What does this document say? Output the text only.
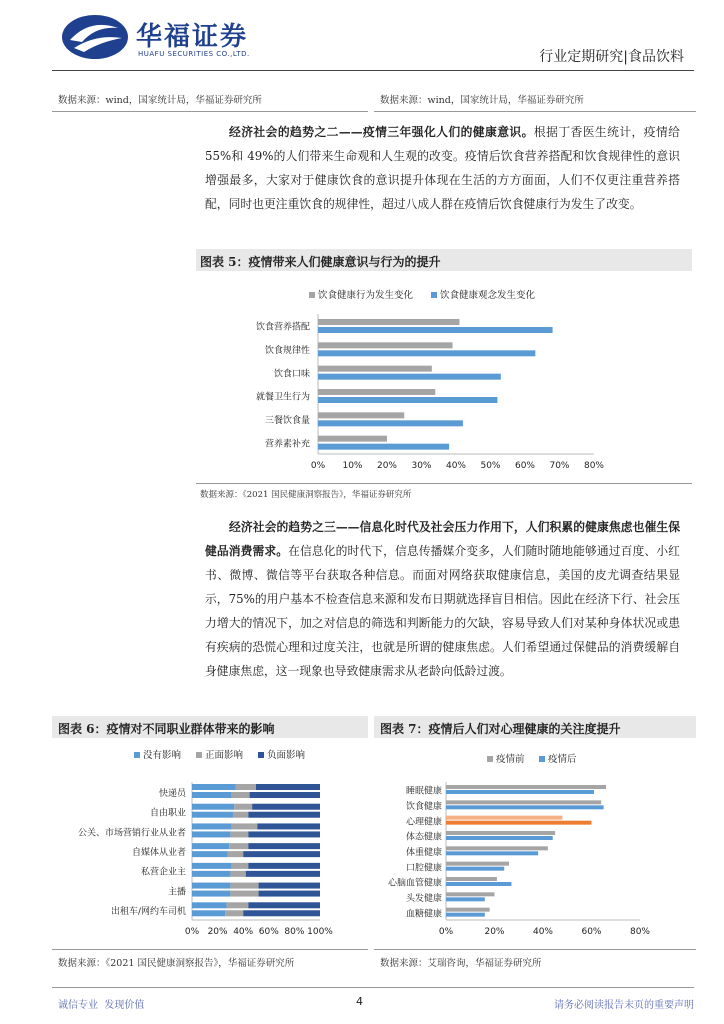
华福证券
HUAFU SECURITIES CO.,LTD.	行业定期研究|食品饮料
数据来源：wind，国家统计局，华福证券研究所	数据来源：wind，国家统计局，华福证券研究所
经济社会的趋势之二——疫情三年强化人们的健康意识。根据丁香医生统计，疫情给 55%和 49%的人们带来生命观和人生观的改变。疫情后饮食营养搭配和饮食规律性的意识增强最多，大家对于健康饮食的意识提升体现在生活的方方面面，人们不仅更注重营养搭配，同时也更注重饮食的规律性，超过八成人群在疫情后饮食健康行为发生了改变。
图表 5：疫情带来人们健康意识与行为的提升
饮食健康行为发生变化	饮食健康观念发生变化
饮食营养搭配
饮食规律性
饮食口味
就餐卫生行为
三餐饮食量
营养素补充
0% 10% 20% 30% 40% 50% 60% 70% 80%
数据来源：《2021 国民健康洞察报告》，华福证券研究所
经济社会的趋势之三——信息化时代及社会压力作用下，人们积累的健康焦虑也催生保健品消费需求。在信息化的时代下，信息传播媒介变多，人们随时随地能够通过百度、小红书、微博、微信等平台获取各种信息。而面对网络获取健康信息，美国的皮尤调查结果显示，75%的用户基本不检查信息来源和发布日期就选择盲目相信。因此在经济下行、社会压力增大的情况下，加之对信息的筛选和判断能力的欠缺，容易导致人们对某种身体状况或患有疾病的恐慌心理和过度关注，也就是所谓的健康焦虑。人们希望通过保健品的消费缓解自身健康焦虑，这一现象也导致健康需求从老龄向低龄过渡。
图表 6：疫情对不同职业群体带来的影响
没有影响	正面影响	负面影响
快递员
自由职业
公关、市场营销行业从业者
自媒体从业者
私营企业主
主播
出租车/网约车司机
0% 20% 40% 60% 80% 100%
图表 7：疫情后人们对心理健康的关注度提升
疫情前 疫情后
睡眠健康
饮食健康
心理健康
体态健康
体重健康
口腔健康
心脑血管健康
头发健康
血糖健康
0%	20%	40%	60%	80%
数据来源：《2021 国民健康洞察报告》，华福证券研究所	数据来源：艾瑞咨询，华福证券研究所
诚信专业  发现价值	4	请务必阅读报告末页的重要声明
